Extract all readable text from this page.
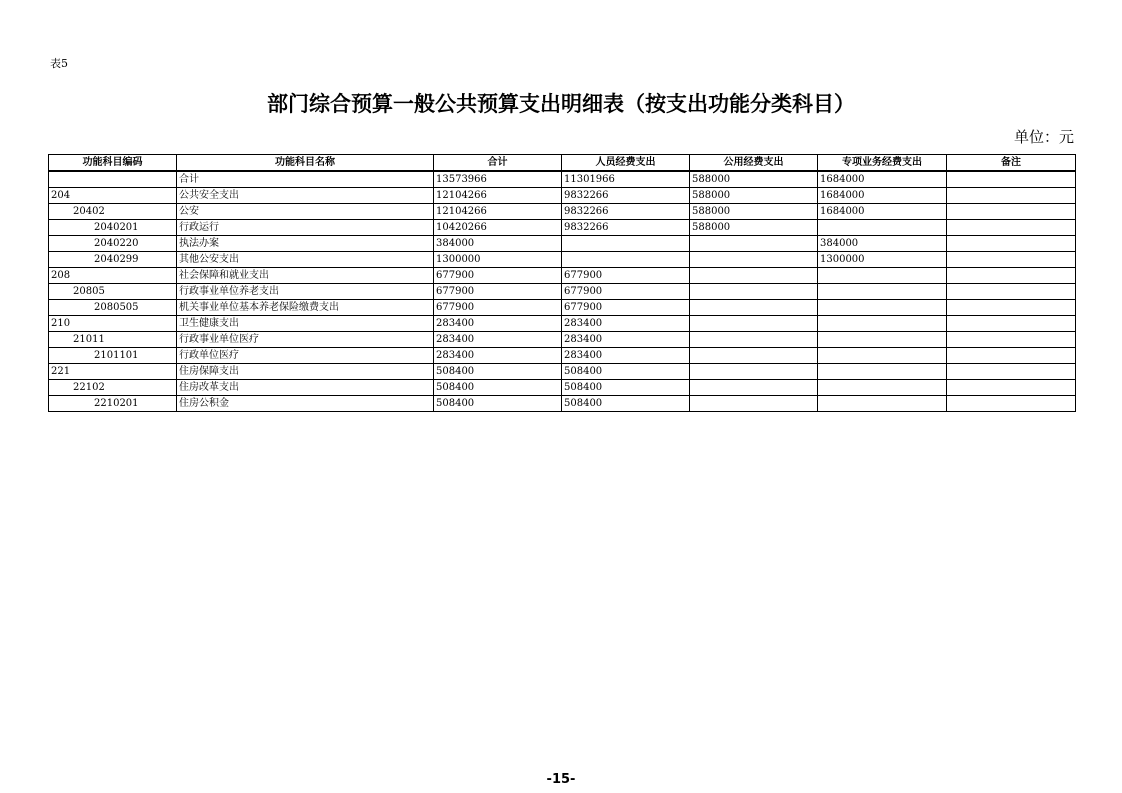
表5
部门综合预算一般公共预算支出明细表（按支出功能分类科目）
单位：元
功能科目编码	功能科目名称	合计	人员经费支出	公用经费支出	专项业务经费支出	备注
	合计	13573966	11301966	588000	1684000	
204	公共安全支出	12104266	9832266	588000	1684000	
20402	公安	12104266	9832266	588000	1684000	
2040201	行政运行	10420266	9832266	588000		
2040220	执法办案	384000			384000	
2040299	其他公安支出	1300000			1300000	
208	社会保障和就业支出	677900	677900			
20805	行政事业单位养老支出	677900	677900			
2080505	机关事业单位基本养老保险缴费支出	677900	677900			
210	卫生健康支出	283400	283400			
21011	行政事业单位医疗	283400	283400			
2101101	行政单位医疗	283400	283400			
221	住房保障支出	508400	508400			
22102	住房改革支出	508400	508400			
2210201	住房公积金	508400	508400			
-15-
